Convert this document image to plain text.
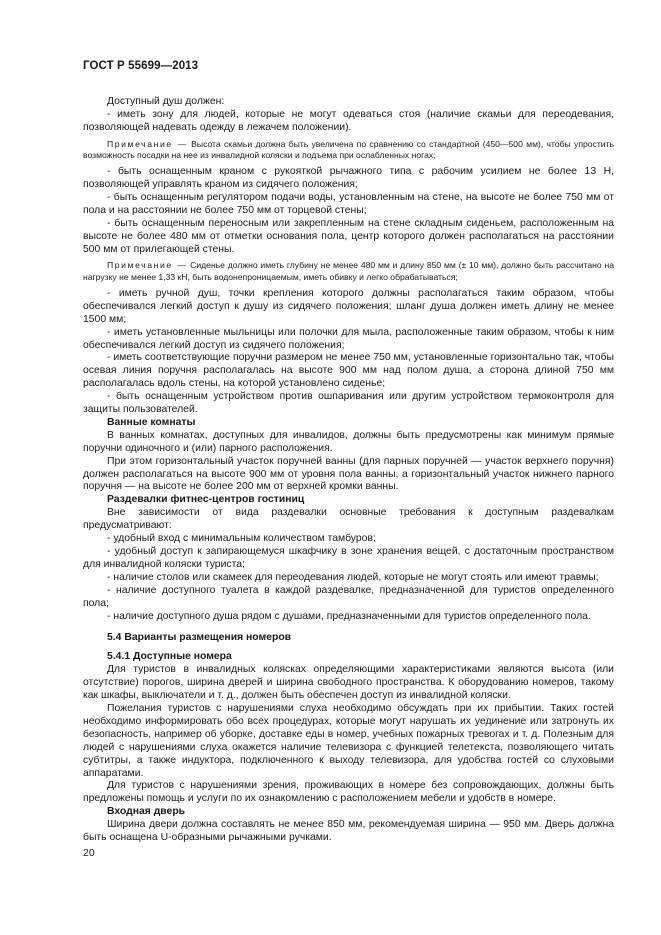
ГОСТ Р 55699—2013

Доступный душ должен:

- иметь зону для людей, которые не могут одеваться стоя (наличие скамьи для переодевания, позволяющей надевать одежду в лежачем положении).

Примечание — Высота скамьи должна быть увеличена по сравнению со стандартной (450—500 мм), чтобы упростить возможность посадки на нее из инвалидной коляски и подъема при ослабленных ногах;

- быть оснащенным краном с рукояткой рычажного типа с рабочим усилием не более 13 Н, позволяющей управлять краном из сидячего положения;

- быть оснащенным регулятором подачи воды, установленным на стене, на высоте не более 750 мм от пола и на расстоянии не более 750 мм от торцевой стены;

- быть оснащенным переносным или закрепленным на стене складным сиденьем, расположенным на высоте не более 480 мм от отметки основания пола, центр которого должен располагаться на расстоянии 500 мм от прилегающей стены.

Примечание — Сиденье должно иметь глубину не менее 480 мм и длину 850 мм (± 10 мм), должно быть рассчитано на нагрузку не менее 1,33 кН, быть водонепроницаемым, иметь обивку и легко обрабатываться;

- иметь ручной душ, точки крепления которого должны располагаться таким образом, чтобы обеспечивался легкий доступ к душу из сидячего положения; шланг душа должен иметь длину не менее 1500 мм;

- иметь установленные мыльницы или полочки для мыла, расположенные таким образом, чтобы к ним обеспечивался легкий доступ из сидячего положения;

- иметь соответствующие поручни размером не менее 750 мм, установленные горизонтально так, чтобы осевая линия поручня располагалась на высоте 900 мм над полом душа, а сторона длиной 750 мм располагалась вдоль стены, на которой установлено сиденье;

- быть оснащенным устройством против ошпаривания или другим устройством термоконтроля для защиты пользователей.

Ванные комнаты

В ванных комнатах, доступных для инвалидов, должны быть предусмотрены как минимум прямые поручни одиночного и (или) парного расположения.

При этом горизонтальный участок поручней ванны (для парных поручней — участок верхнего поручня) должен располагаться на высоте 900 мм от уровня пола ванны, а горизонтальный участок нижнего парного поручня — на высоте не более 200 мм от верхней кромки ванны.

Раздевалки фитнес-центров гостиниц

Вне зависимости от вида раздевалки основные требования к доступным раздевалкам предусматривают:

- удобный вход с минимальным количеством тамбуров;

- удобный доступ к запирающемуся шкафчику в зоне хранения вещей, с достаточным пространством для инвалидной коляски туриста;

- наличие столов или скамеек для переодевания людей, которые не могут стоять или имеют травмы;

- наличие доступного туалета в каждой раздевалке, предназначенной для туристов определенного пола;

- наличие доступного душа рядом с душами, предназначенными для туристов определенного пола.

5.4 Варианты размещения номеров

5.4.1 Доступные номера

Для туристов в инвалидных колясках определяющими характеристиками являются высота (или отсутствие) порогов, ширина дверей и ширина свободного пространства. К оборудованию номеров, такому как шкафы, выключатели и т. д., должен быть обеспечен доступ из инвалидной коляски.

Пожелания туристов с нарушениями слуха необходимо обсуждать при их прибытии. Таких гостей необходимо информировать обо всех процедурах, которые могут нарушать их уединение или затронуть их безопасность, например об уборке, доставке еды в номер, учебных пожарных тревогах и т. д. Полезным для людей с нарушениями слуха окажется наличие телевизора с функцией телетекста, позволяющего читать субтитры, а также индуктора, подключенного к выходу телевизора, для удобства гостей со слуховыми аппаратами.

Для туристов с нарушениями зрения, проживающих в номере без сопровождающих, должны быть предложены помощь и услуги по их ознакомлению с расположением мебели и удобств в номере.

Входная дверь

Ширина двери должна составлять не менее 850 мм, рекомендуемая ширина — 950 мм. Дверь должна быть оснащена U-образными рычажными ручками.

20
